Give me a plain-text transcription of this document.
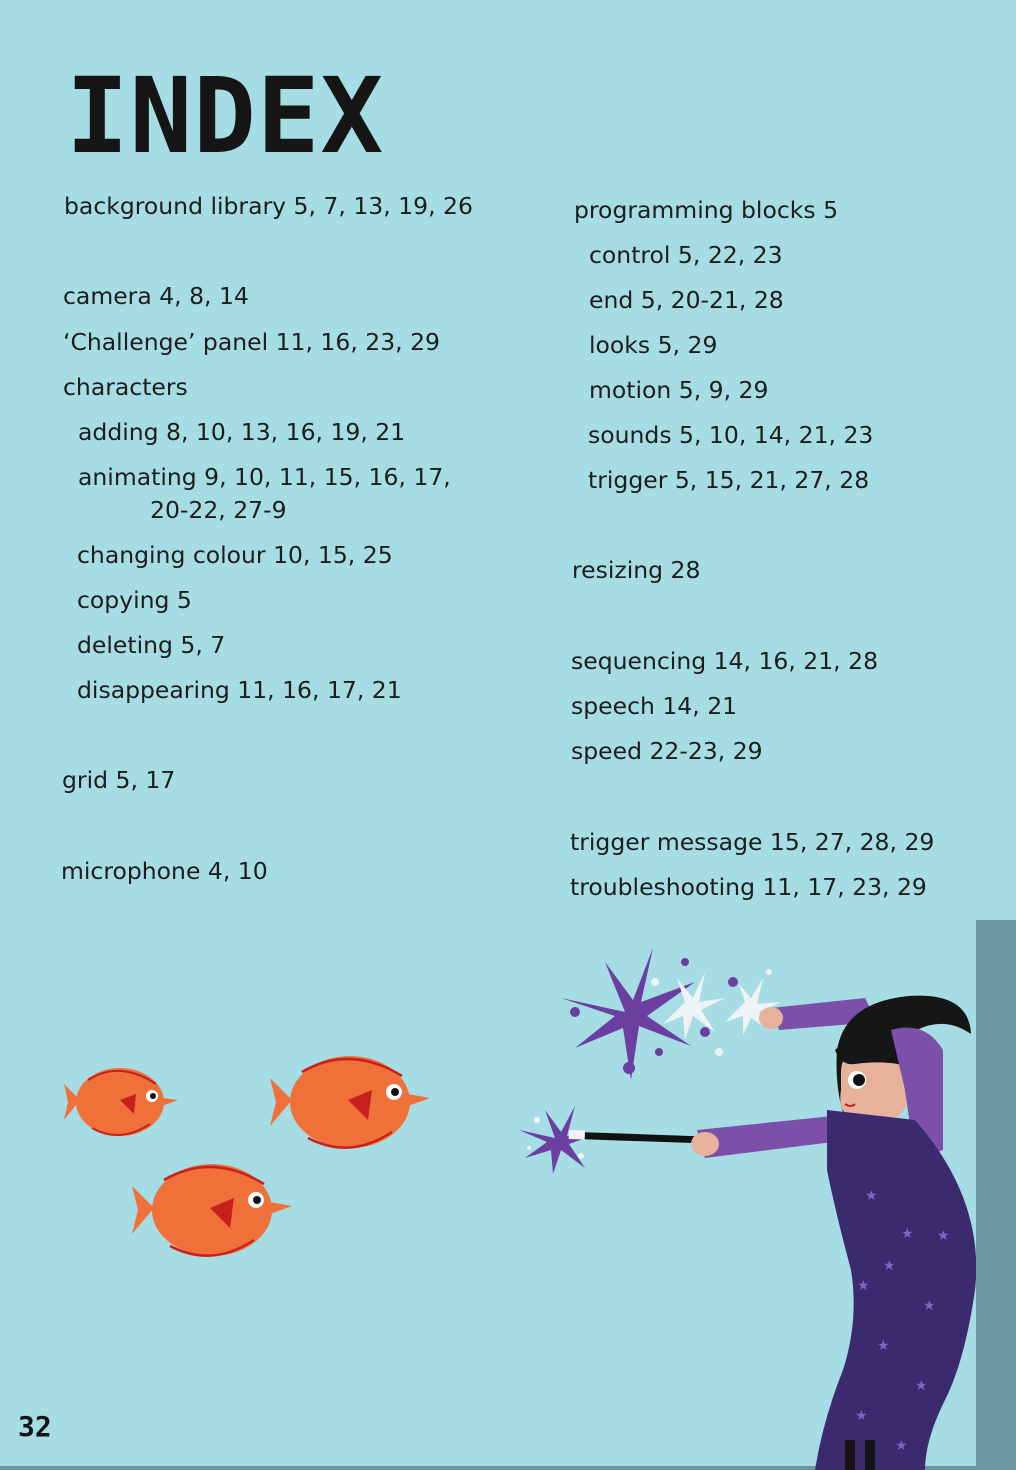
INDEX
background library 5, 7, 13, 19, 26
camera 4, 8, 14
‘Challenge’ panel 11, 16, 23, 29
characters
adding 8, 10, 13, 16, 19, 21
animating 9, 10, 11, 15, 16, 17,
20-22, 27-9
changing colour 10, 15, 25
copying 5
deleting 5, 7
disappearing 11, 16, 17, 21
grid 5, 17
microphone 4, 10
programming blocks 5
control 5, 22, 23
end 5, 20-21, 28
looks 5, 29
motion 5, 9, 29
sounds 5, 10, 14, 21, 23
trigger 5, 15, 21, 27, 28
resizing 28
sequencing 14, 16, 21, 28
speech 14, 21
speed 22-23, 29
trigger message 15, 27, 28, 29
troubleshooting 11, 17, 23, 29
32
★
★
★
★
★
★
★
★
★
★
